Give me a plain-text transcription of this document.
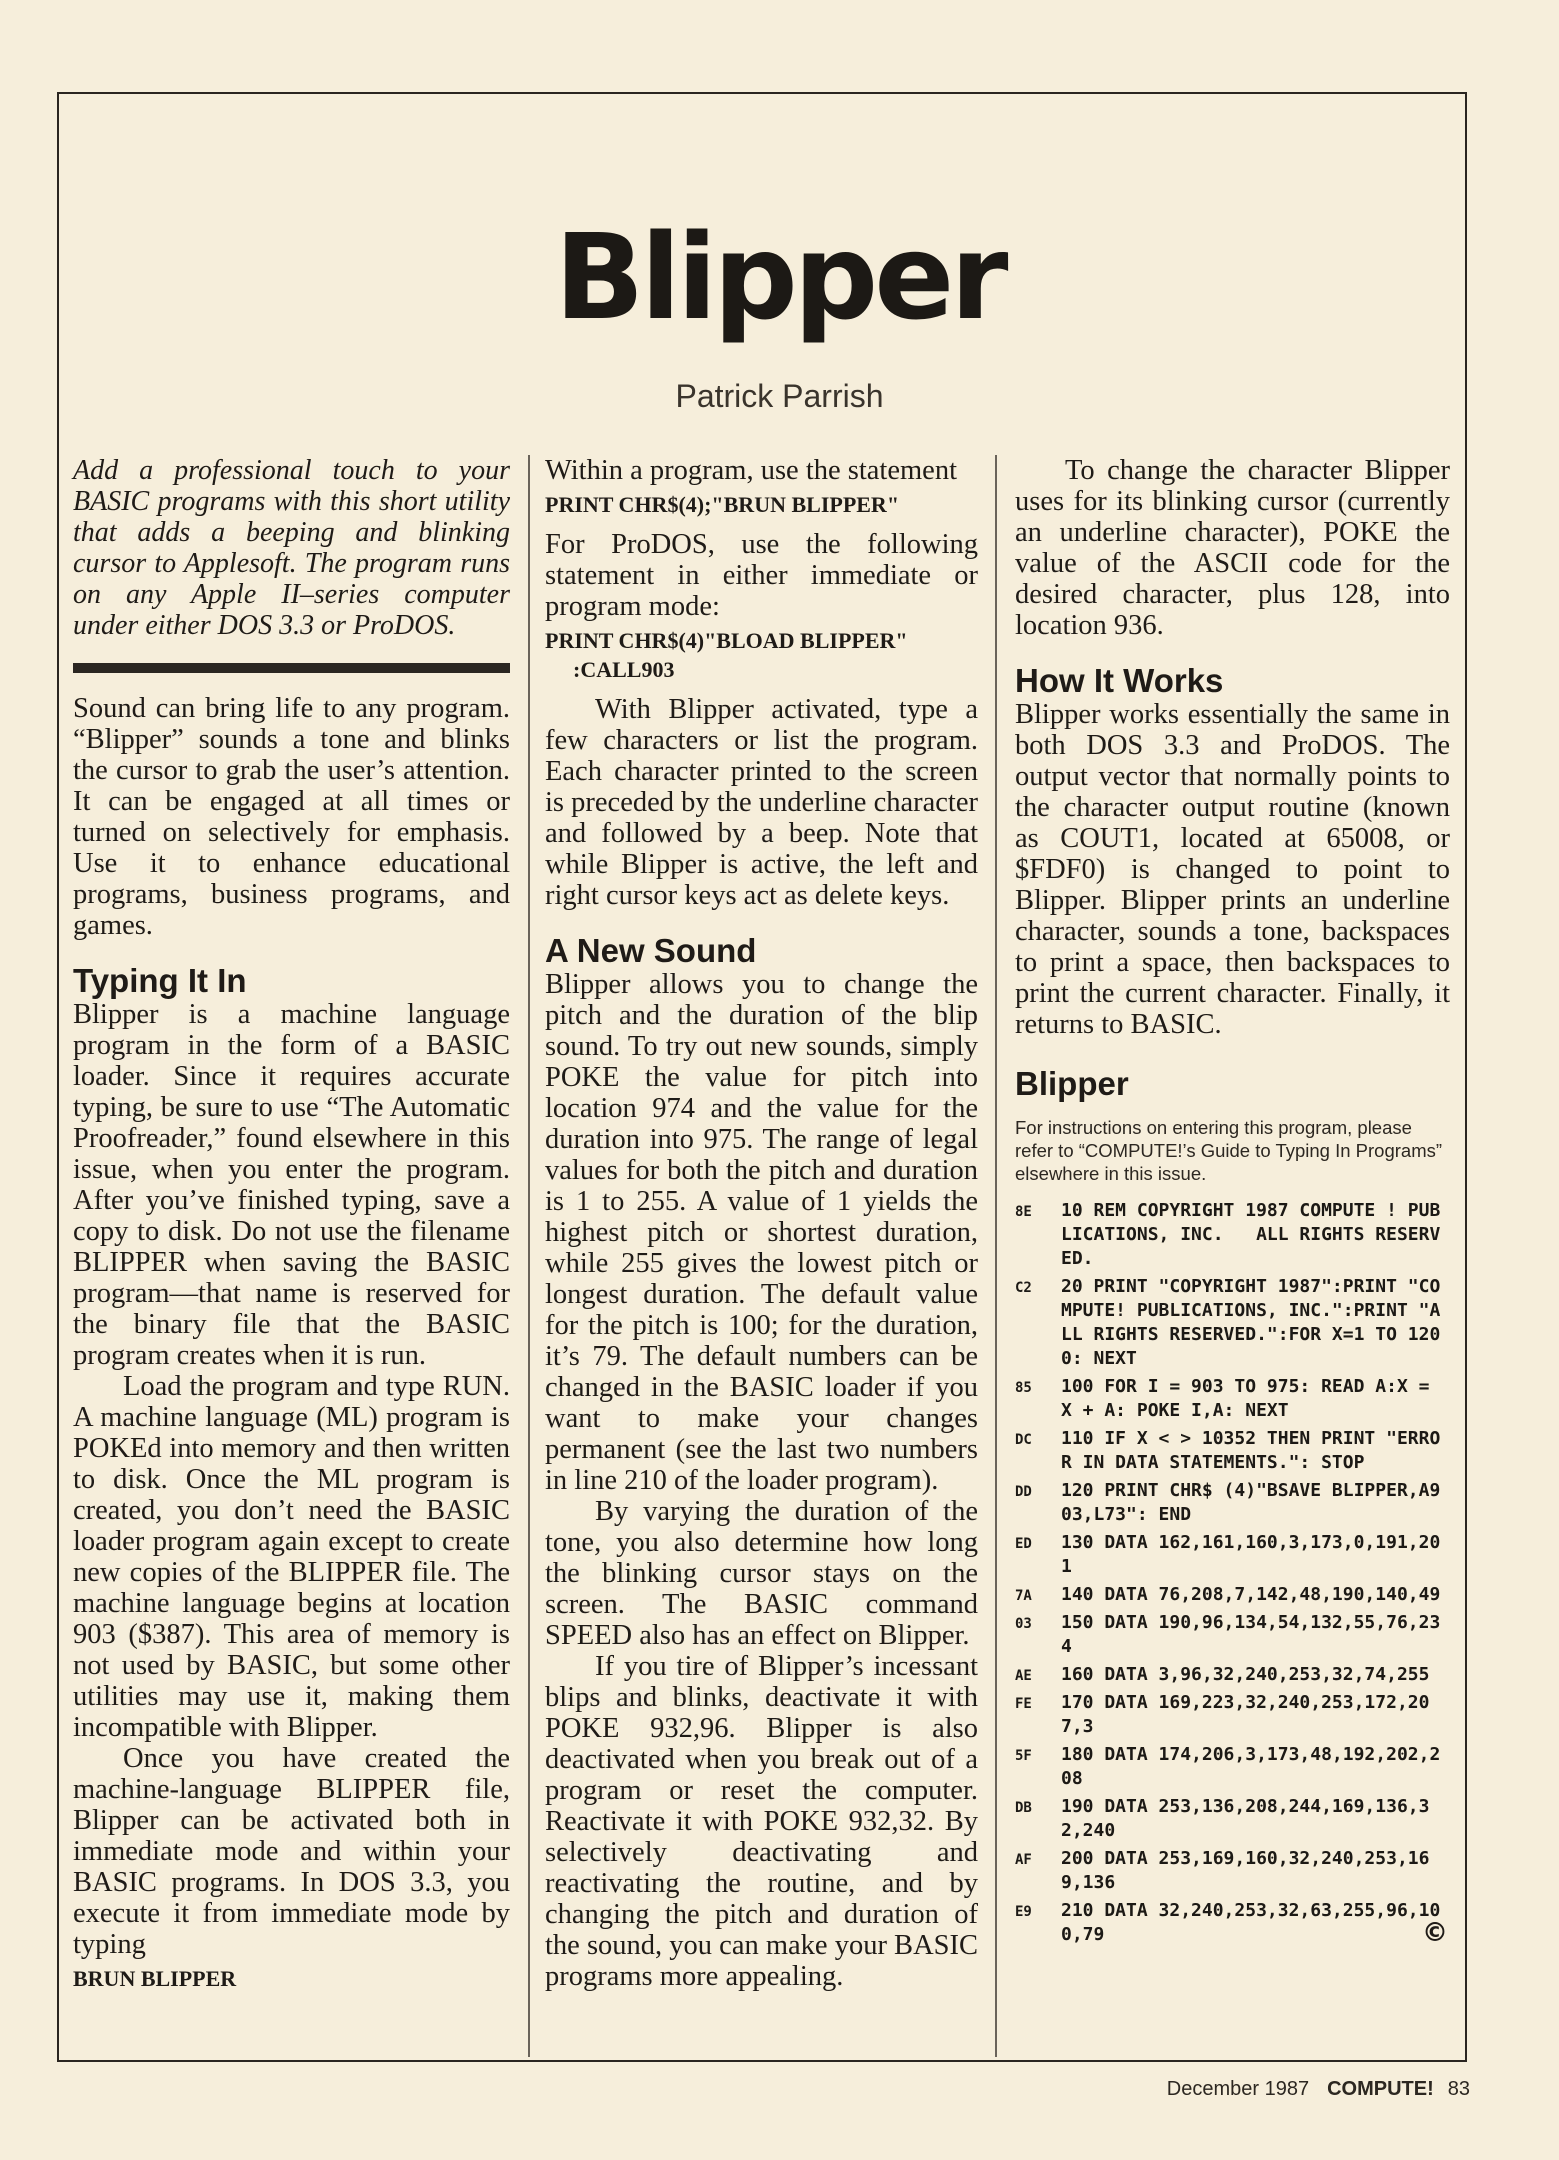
Blipper
Patrick Parrish

Add a professional touch to your BASIC programs with this short utility that adds a beeping and blinking cursor to Applesoft. The program runs on any Apple II–series computer under either DOS 3.3 or ProDOS.

Sound can bring life to any program. “Blipper” sounds a tone and blinks the cursor to grab the user’s attention. It can be engaged at all times or turned on selectively for emphasis. Use it to enhance educational programs, business programs, and games.

Typing It In

Blipper is a machine language program in the form of a BASIC loader. Since it requires accurate typing, be sure to use “The Automatic Proofreader,” found elsewhere in this issue, when you enter the program. After you’ve finished typing, save a copy to disk. Do not use the filename BLIPPER when saving the BASIC program—that name is reserved for the binary file that the BASIC program creates when it is run.

Load the program and type RUN. A machine language (ML) program is POKEd into memory and then written to disk. Once the ML program is created, you don’t need the BASIC loader program again except to create new copies of the BLIPPER file. The machine language begins at location 903 ($387). This area of memory is not used by BASIC, but some other utilities may use it, making them incompatible with Blipper.

Once you have created the machine-language BLIPPER file, Blipper can be activated both in immediate mode and within your BASIC programs. In DOS 3.3, you execute it from immediate mode by typing

BRUN BLIPPER

Within a program, use the statement

PRINT CHR$(4);"BRUN BLIPPER"

For ProDOS, use the following statement in either immediate or program mode:

PRINT CHR$(4)"BLOAD BLIPPER"
:CALL903

With Blipper activated, type a few characters or list the program. Each character printed to the screen is preceded by the underline character and followed by a beep. Note that while Blipper is active, the left and right cursor keys act as delete keys.

A New Sound

Blipper allows you to change the pitch and the duration of the blip sound. To try out new sounds, simply POKE the value for pitch into location 974 and the value for the duration into 975. The range of legal values for both the pitch and duration is 1 to 255. A value of 1 yields the highest pitch or shortest duration, while 255 gives the lowest pitch or longest duration. The default value for the pitch is 100; for the duration, it’s 79. The default numbers can be changed in the BASIC loader if you want to make your changes permanent (see the last two numbers in line 210 of the loader program).

By varying the duration of the tone, you also determine how long the blinking cursor stays on the screen. The BASIC command SPEED also has an effect on Blipper.

If you tire of Blipper’s incessant blips and blinks, deactivate it with POKE 932,96. Blipper is also deactivated when you break out of a program or reset the computer. Reactivate it with POKE 932,32. By selectively deactivating and reactivating the routine, and by changing the pitch and duration of the sound, you can make your BASIC programs more appealing.

To change the character Blipper uses for its blinking cursor (currently an underline character), POKE the value of the ASCII code for the desired character, plus 128, into location 936.

How It Works

Blipper works essentially the same in both DOS 3.3 and ProDOS. The output vector that normally points to the character output routine (known as COUT1, located at 65008, or $FDF0) is changed to point to Blipper. Blipper prints an underline character, sounds a tone, backspaces to print a space, then backspaces to print the current character. Finally, it returns to BASIC.

Blipper
For instructions on entering this program, please refer to “COMPUTE!’s Guide to Typing In Programs” elsewhere in this issue.
8E	10 REM COPYRIGHT 1987 COMPUTE ! PUBLICATIONS, INC.   ALL RIGHTS RESERVED.
C2	20 PRINT "COPYRIGHT 1987":PRINT "COMPUTE! PUBLICATIONS, INC.":PRINT "ALL RIGHTS RESERVED.":FOR X=1 TO 1200: NEXT
85	100 FOR I = 903 TO 975: READ A:X = X + A: POKE I,A: NEXT
DC	110 IF X < > 10352 THEN PRINT "ERROR IN DATA STATEMENTS.": STOP
DD	120 PRINT CHR$ (4)"BSAVE BLIPPER,A903,L73": END
ED	130 DATA 162,161,160,3,173,0,191,201
7A	140 DATA 76,208,7,142,48,190,140,49
03	150 DATA 190,96,134,54,132,55,76,234
AE	160 DATA 3,96,32,240,253,32,74,255
FE	170 DATA 169,223,32,240,253,172,207,3
5F	180 DATA 174,206,3,173,48,192,202,208
DB	190 DATA 253,136,208,244,169,136,32,240
AF	200 DATA 253,169,160,32,240,253,169,136
E9	210 DATA 32,240,253,32,63,255,96,100,79	©
December 1987 COMPUTE! 83
